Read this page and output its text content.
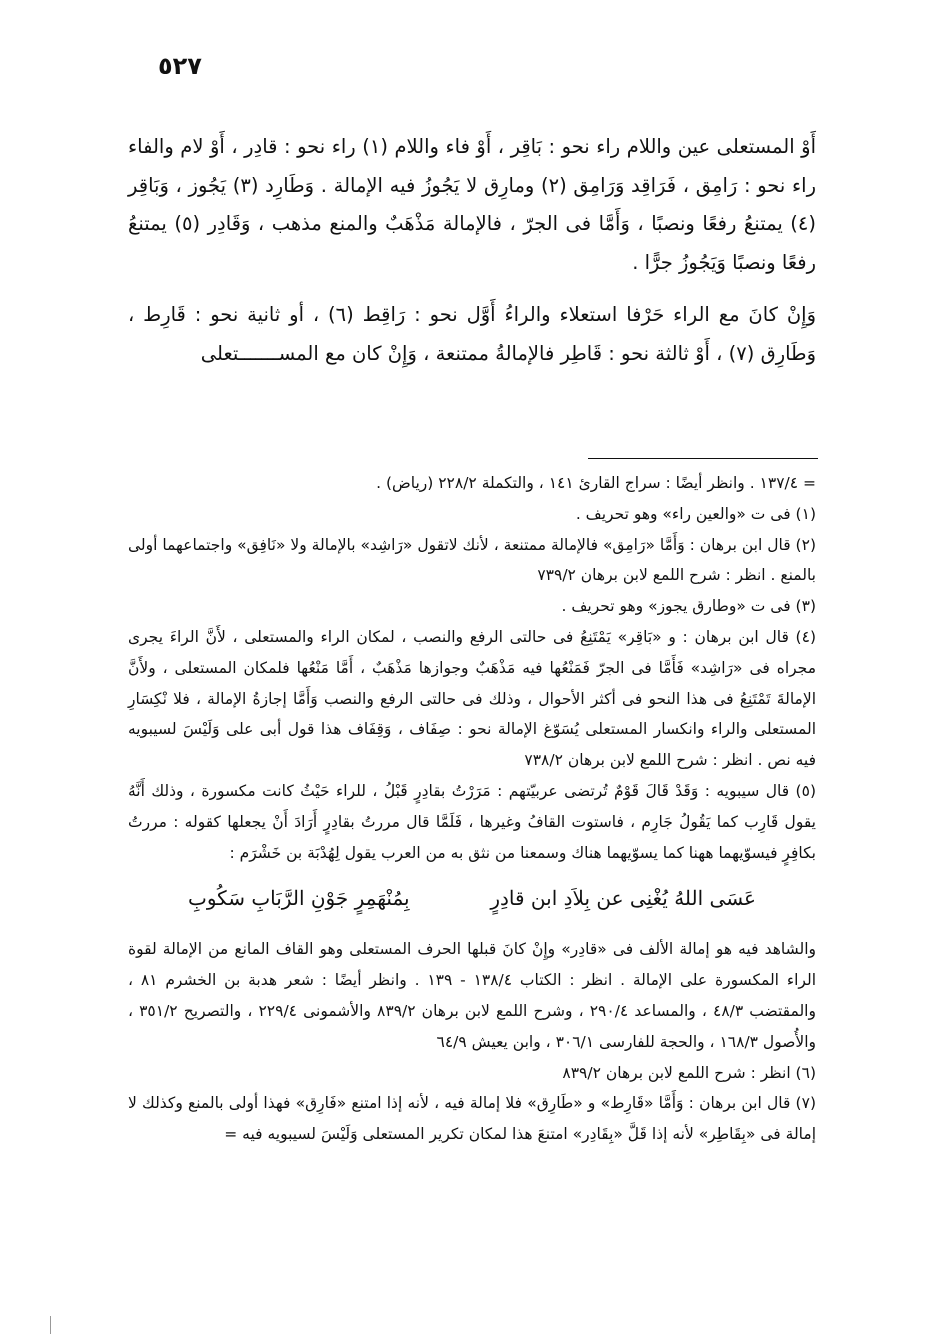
٥٢٧

أَوْ المستعلى عين واللام راء نحو : بَاقِر ، أَوْ فاء واللام (١) راء نحو : قادِر ، أَوْ لام والفاء راء نحو : رَامِق ، فَرَاقِد وَرَامِق (٢) ومارِق لا يَجُوزُ فيه الإمالة . وَطَارِد (٣) يَجُوز ، وَبَاقِر (٤) يمتنعُ رفعًا ونصبًا ، وَأَمَّا فى الجرّ ، فالإمالة مَذْهَبٌ والمنع مذهب ، وَقَادِر (٥) يمتنعُ رفعًا ونصبًا وَيَجُوزُ جرًّا .

وَإِنْ كانَ مع الراء حَرْفا استعلاء والراءُ أَوَّل نحو : رَاقِط (٦) ، أو ثانية نحو : قَارِط ، وَطَارِق (٧) ، أَوْ ثالثة نحو : قَاطِر فالإمالةُ ممتنعة ، وَإِنْ كان مع المســـــــتعلى

= ١٣٧/٤ . وانظر أيضًا : سراج القارئ ١٤١ ، والتكملة ٢٢٨/٢ (رياض) .

(١) فى ت «والعين راء» وهو تحريف .

(٢) قال ابن برهان : وَأَمَّا «رَامِق» فالإمالة ممتنعة ، لأنك لاتقول «رَاشِد» بالإمالة ولا «نَافِق» واجتماعهما أولى بالمنع . انظر : شرح اللمع لابن برهان ٧٣٩/٢

(٣) فى ت «وطارق يجوز» وهو تحريف .

(٤) قال ابن برهان : و «بَاقِر» يَمْتَنِعُ فى حالتى الرفع والنصب ، لمكان الراء والمستعلى ، لأَنَّ الراءَ يجرى مجراه فى «رَاشِد» فَأَمَّا فى الجرّ فَمَنْعُها فيه مَذْهَبٌ وجوازها مَذْهَبٌ ، أَمَّا مَنْعُها فلمكان المستعلى ، ولأَنَّ الإمالةَ تَمْتَنِعُ فى هذا النحو فى أكثر الأحوال ، وذلك فى حالتى الرفع والنصب وَأَمَّا إجازةُ الإمالة ، فلا نْكِسَارِ المستعلى والراء وانكسار المستعلى يُسَوّغ الإمالة نحو : صِفَاف ، وَقِفَاف هذا قول أبى على وَلَيْسَ لسيبويه فيه نص . انظر : شرح اللمع لابن برهان ٧٣٨/٢

(٥) قال سيبويه : وَقَدْ قَالَ قَوْمٌ تُرتضى عربيّتهم : مَرَرْتُ بقادِرٍ قَبْلُ ، للراء حَيْثُ كانت مكسورة ، وذلك أَنَّهُ يقول قَارِب كما يَقُولُ جَارِم ، فاستوت القافُ وغيرها ، فَلَمَّا قال مررتُ بقادِرٍ أَرَادَ أَنْ يجعلها كقوله : مررتُ بكافِرٍ فيسوّيهما ههنا كما يسوّيهما هناك وسمعنا من نثق به من العرب يقول لِهُدْبَة بن خَشْرَم :

عَسَى اللهُ يُغْنِى عن بِلاَدِ ابن قادِرٍ
بِمُنْهَمِرٍ جَوْنِ الرَّبَابِ سَكُوبِ

والشاهد فيه هو إمالة الألف فى «قادِر» وإِنْ كانَ قبلها الحرف المستعلى وهو القاف المانع من الإمالة لقوة الراء المكسورة على الإمالة . انظر : الكتاب ١٣٨/٤ - ١٣٩ . وانظر أيضًا : شعر هدبة بن الخشرم ٨١ ، والمقتضب ٤٨/٣ ، والمساعد ٢٩٠/٤ ، وشرح اللمع لابن برهان ٨٣٩/٢ والأشمونى ٢٢٩/٤ ، والتصريح ٣٥١/٢ ، والأُصول ١٦٨/٣ ، والحجة للفارسى ٣٠٦/١ ، وابن يعيش ٦٤/٩

(٦) انظر : شرح اللمع لابن برهان ٨٣٩/٢

(٧) قال ابن برهان : وَأَمَّا «قَارِط» و «طَارِق» فلا إمالة فيه ، لأنه إذا امتنع «فَارِق» فهذا أولى بالمنع وكذلك لا إمالة فى «بِقَاطِر» لأنه إذا قَلَّ «بِقَادِر» امتنعَ هذا لمكان تكرير المستعلى وَلَيْسَ لسيبويه فيه =
